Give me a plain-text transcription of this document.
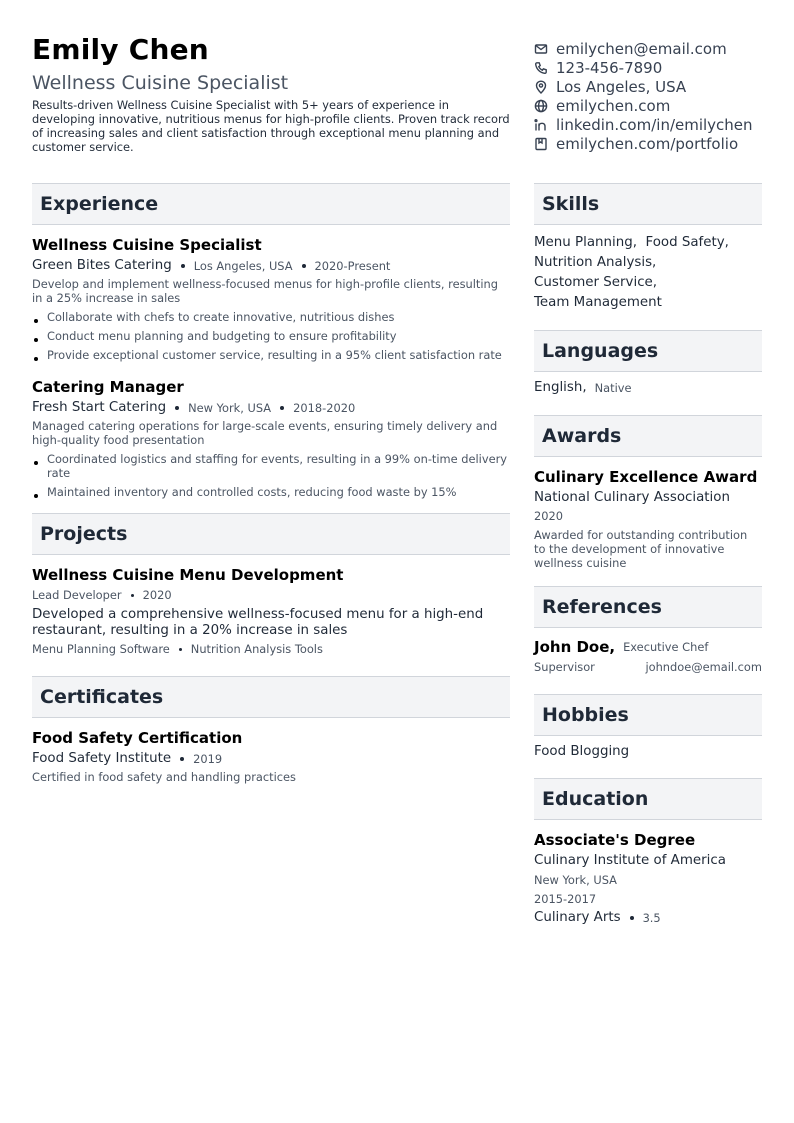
Emily Chen
Wellness Cuisine Specialist
Results-driven Wellness Cuisine Specialist with 5+ years of experience in developing innovative, nutritious menus for high-profile clients. Proven track record of increasing sales and client satisfaction through exceptional menu planning and customer service.
emilychen@email.com
123-456-7890
Los Angeles, USA
emilychen.com
linkedin.com/in/emilychen
emilychen.com/portfolio
Experience
Wellness Cuisine Specialist
Green Bites Catering Los Angeles, USA 2020-Present
Develop and implement wellness-focused menus for high-profile clients, resulting in a 25% increase in sales
Collaborate with chefs to create innovative, nutritious dishes
Conduct menu planning and budgeting to ensure profitability
Provide exceptional customer service, resulting in a 95% client satisfaction rate
Catering Manager
Fresh Start Catering New York, USA 2018-2020
Managed catering operations for large-scale events, ensuring timely delivery and high-quality food presentation
Coordinated logistics and staffing for events, resulting in a 99% on-time delivery rate
Maintained inventory and controlled costs, reducing food waste by 15%
Projects
Wellness Cuisine Menu Development
Lead Developer 2020
Developed a comprehensive wellness-focused menu for a high-end restaurant, resulting in a 20% increase in sales
Menu Planning Software Nutrition Analysis Tools
Certificates
Food Safety Certification
Food Safety Institute 2019
Certified in food safety and handling practices
Skills
Menu Planning, Food Safety,
Nutrition Analysis,
Customer Service,
Team Management
Languages
English, Native
Awards
Culinary Excellence Award
National Culinary Association
2020
Awarded for outstanding contribution to the development of innovative wellness cuisine
References
John Doe, Executive Chef
Supervisor	johndoe@email.com
Hobbies
Food Blogging
Education
Associate's Degree
Culinary Institute of America
New York, USA
2015-2017
Culinary Arts 3.5
